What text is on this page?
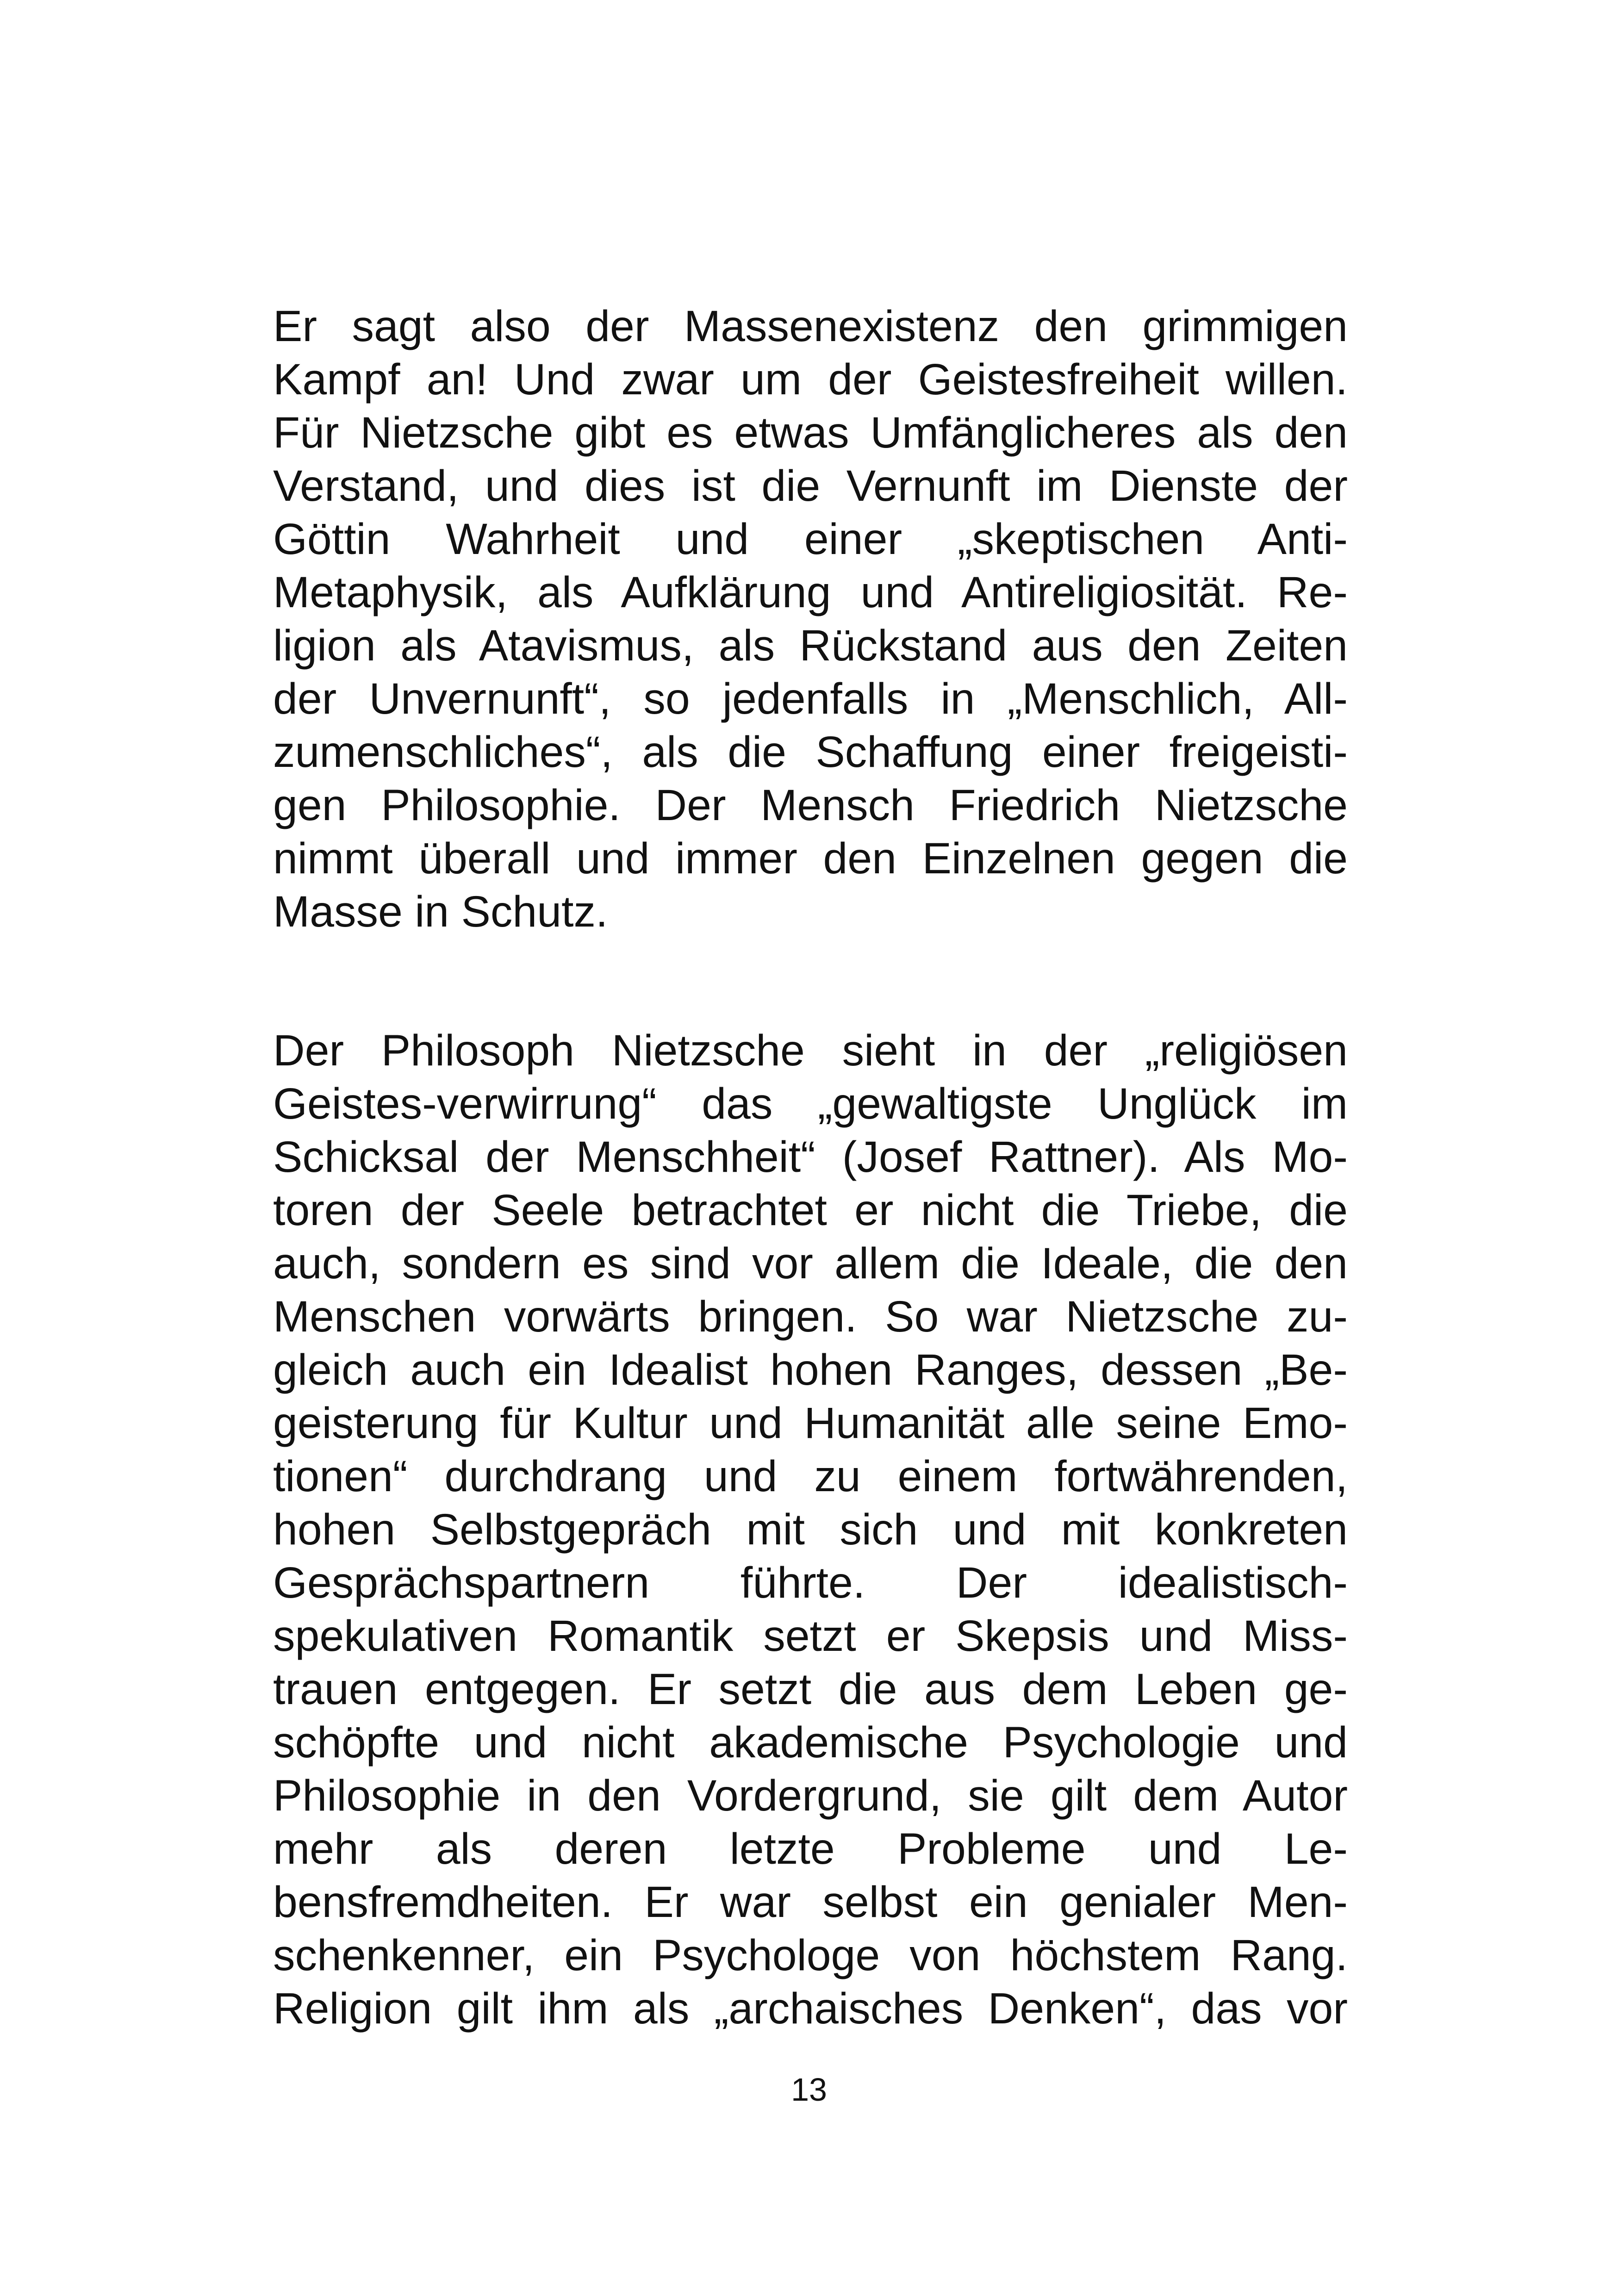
Er sagt also der Massenexistenz den grimmigen
Kampf an! Und zwar um der Geistesfreiheit willen.
Für Nietzsche gibt es etwas Umfänglicheres als den
Verstand, und dies ist die Vernunft im Dienste der
Göttin Wahrheit und einer „skeptischen Anti-
Metaphysik, als Aufklärung und Antireligiosität. Re-
ligion als Atavismus, als Rückstand aus den Zeiten
der Unvernunft“, so jedenfalls in „Menschlich, All-
zumenschliches“, als die Schaffung einer freigeisti-
gen Philosophie. Der Mensch Friedrich Nietzsche
nimmt überall und immer den Einzelnen gegen die
Masse in Schutz.
Der Philosoph Nietzsche sieht in der „religiösen
Geistes-verwirrung“ das „gewaltigste Unglück im
Schicksal der Menschheit“ (Josef Rattner). Als Mo-
toren der Seele betrachtet er nicht die Triebe, die
auch, sondern es sind vor allem die Ideale, die den
Menschen vorwärts bringen. So war Nietzsche zu-
gleich auch ein Idealist hohen Ranges, dessen „Be-
geisterung für Kultur und Humanität alle seine Emo-
tionen“ durchdrang und zu einem fortwährenden,
hohen Selbstgepräch mit sich und mit konkreten
Gesprächspartnern führte. Der idealistisch-
spekulativen Romantik setzt er Skepsis und Miss-
trauen entgegen. Er setzt die aus dem Leben ge-
schöpfte und nicht akademische Psychologie und
Philosophie in den Vordergrund, sie gilt dem Autor
mehr als deren letzte Probleme und Le-
bensfremdheiten. Er war selbst ein genialer Men-
schenkenner, ein Psychologe von höchstem Rang.
Religion gilt ihm als „archaisches Denken“, das vor
13
